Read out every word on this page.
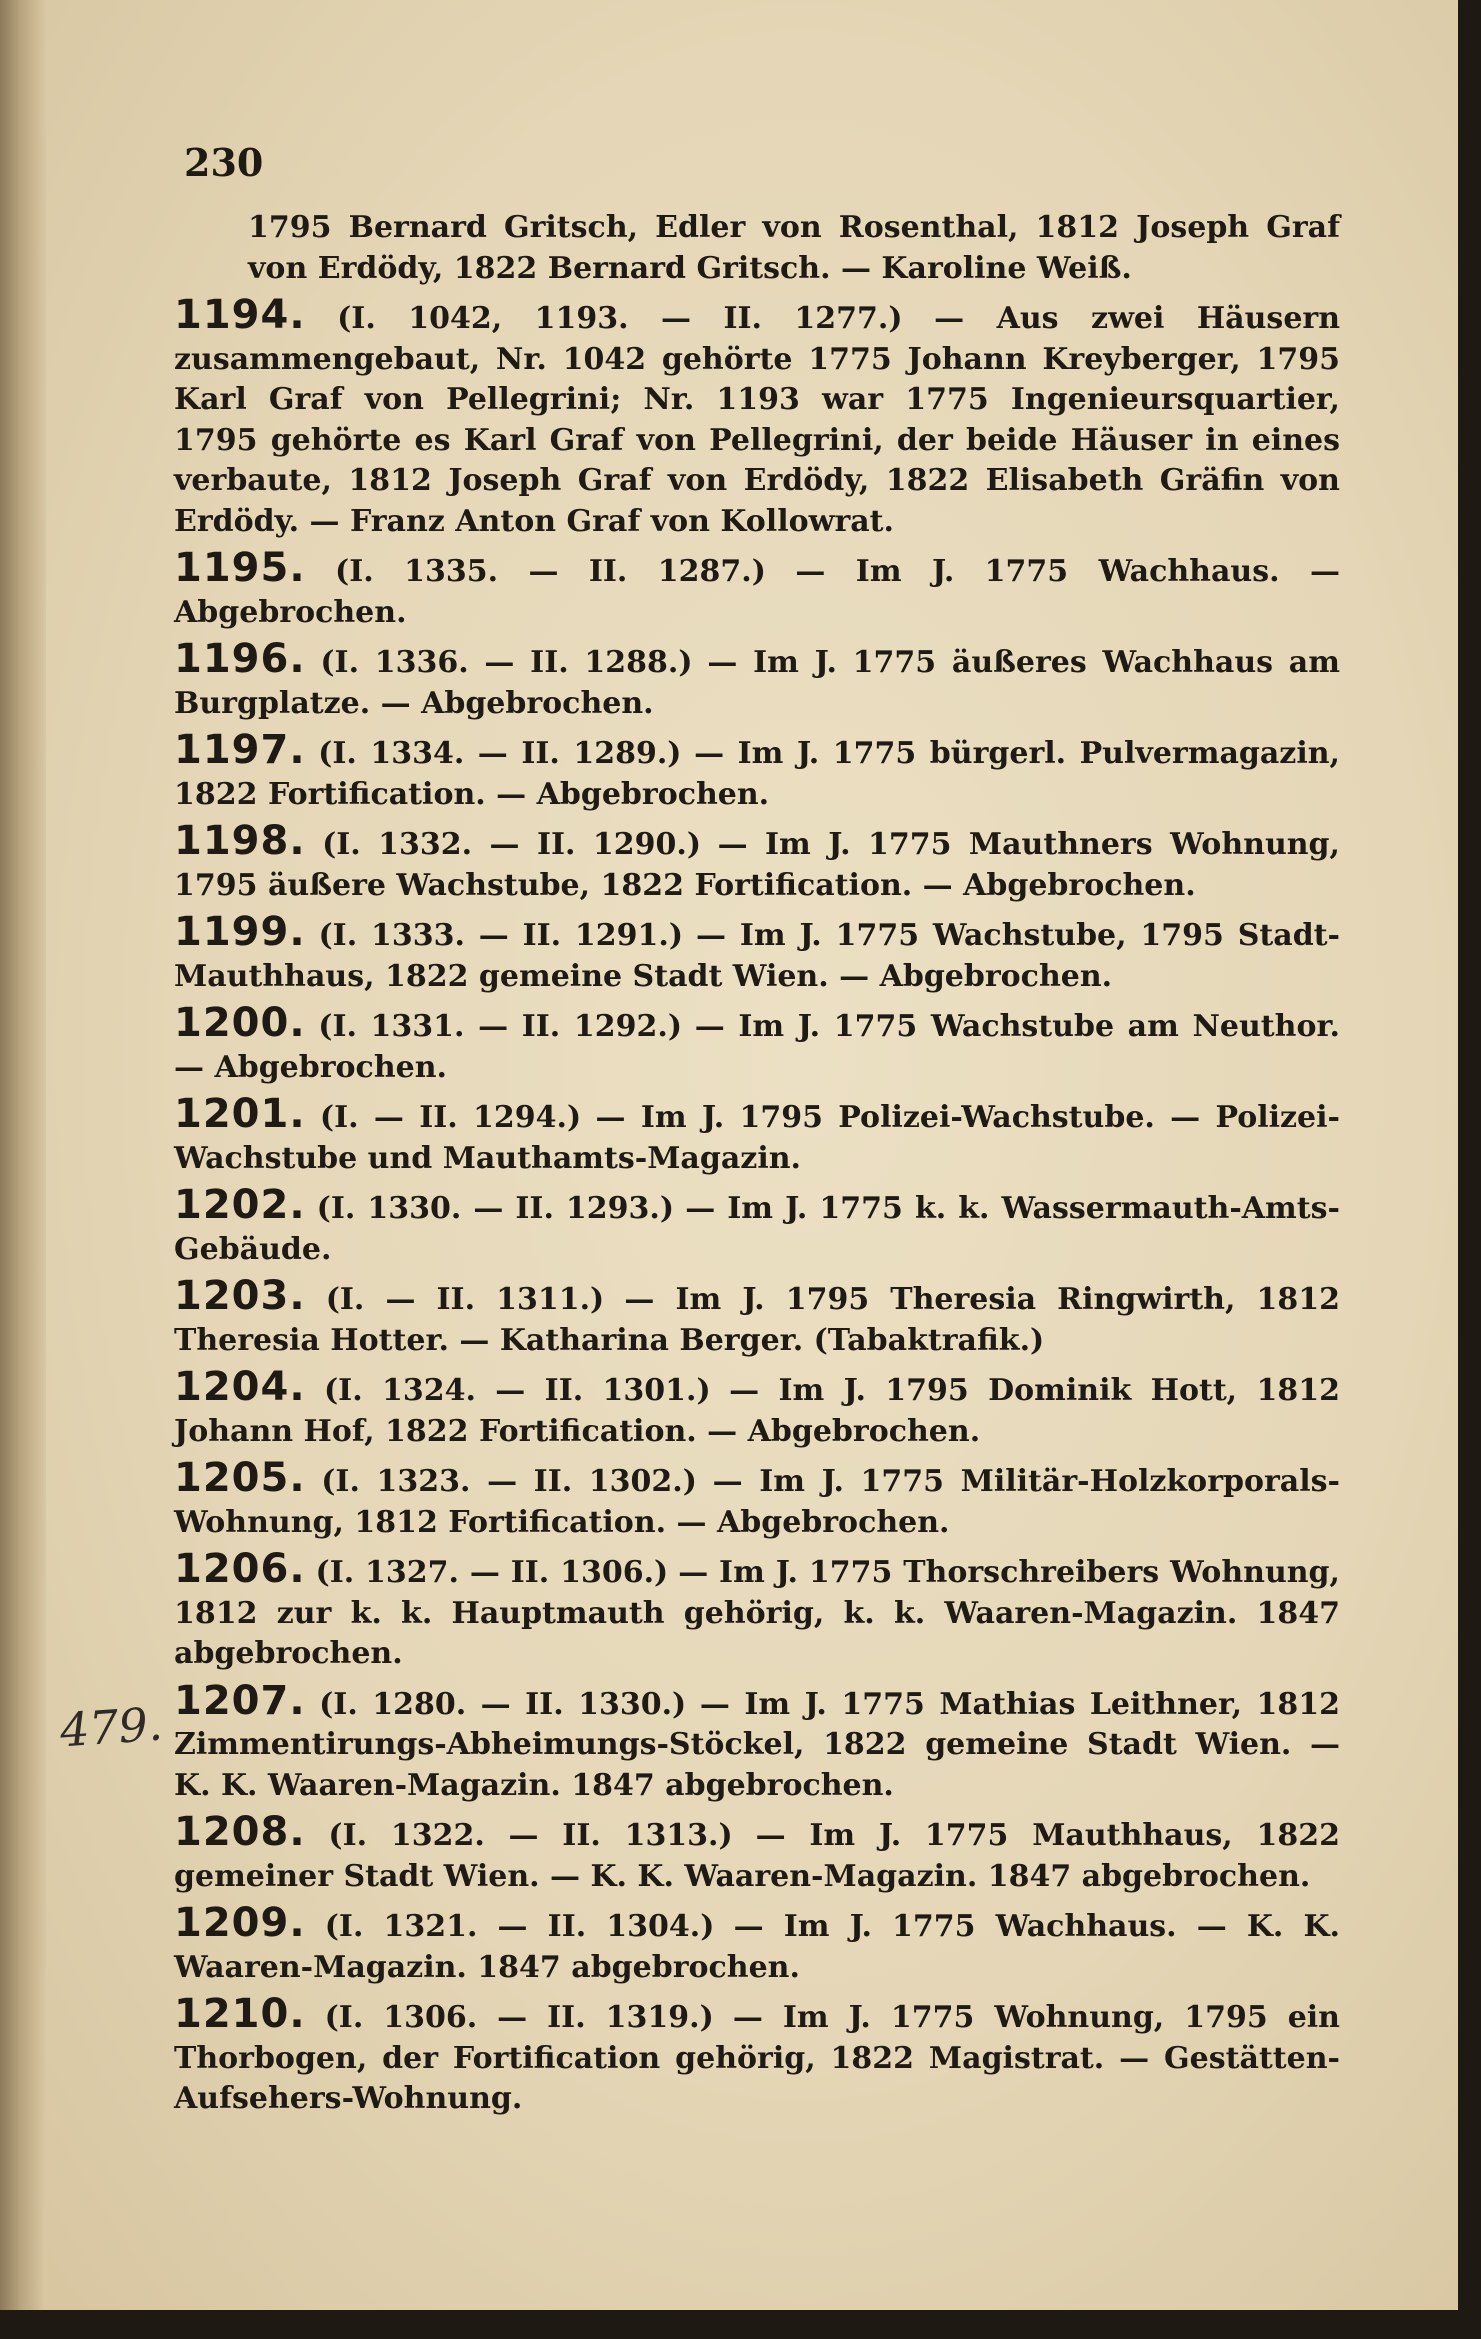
230

1795 Bernard Gritsch, Edler von Rosenthal, 1812 Joseph Graf von Erdödy, 1822 Bernard Gritsch. — Karoline Weiß.

1194. (I. 1042, 1193. — II. 1277.) — Aus zwei Häusern zusammengebaut, Nr. 1042 gehörte 1775 Johann Kreyberger, 1795 Karl Graf von Pellegrini; Nr. 1193 war 1775 Ingenieursquartier, 1795 gehörte es Karl Graf von Pellegrini, der beide Häuser in eines verbaute, 1812 Joseph Graf von Erdödy, 1822 Elisabeth Gräfin von Erdödy. — Franz Anton Graf von Kollowrat.

1195. (I. 1335. — II. 1287.) — Im J. 1775 Wachhaus. — Abgebrochen.

1196. (I. 1336. — II. 1288.) — Im J. 1775 äußeres Wachhaus am Burgplatze. — Abgebrochen.

1197. (I. 1334. — II. 1289.) — Im J. 1775 bürgerl. Pulvermagazin, 1822 Fortification. — Abgebrochen.

1198. (I. 1332. — II. 1290.) — Im J. 1775 Mauthners Wohnung, 1795 äußere Wachstube, 1822 Fortification. — Abgebrochen.

1199. (I. 1333. — II. 1291.) — Im J. 1775 Wachstube, 1795 Stadt-Mauthhaus, 1822 gemeine Stadt Wien. — Abgebrochen.

1200. (I. 1331. — II. 1292.) — Im J. 1775 Wachstube am Neuthor. — Abgebrochen.

1201. (I. — II. 1294.) — Im J. 1795 Polizei-Wachstube. — Polizei-Wachstube und Mauthamts-Magazin.

1202. (I. 1330. — II. 1293.) — Im J. 1775 k. k. Wassermauth-Amts-Gebäude.

1203. (I. — II. 1311.) — Im J. 1795 Theresia Ringwirth, 1812 Theresia Hotter. — Katharina Berger. (Tabaktrafik.)

1204. (I. 1324. — II. 1301.) — Im J. 1795 Dominik Hott, 1812 Johann Hof, 1822 Fortification. — Abgebrochen.

1205. (I. 1323. — II. 1302.) — Im J. 1775 Militär-Holzkorporals-Wohnung, 1812 Fortification. — Abgebrochen.

1206. (I. 1327. — II. 1306.) — Im J. 1775 Thorschreibers Wohnung, 1812 zur k. k. Hauptmauth gehörig, k. k. Waaren-Magazin. 1847 abgebrochen.

1207. (I. 1280. — II. 1330.) — Im J. 1775 Mathias Leithner, 1812 Zimmentirungs-Abheimungs-Stöckel, 1822 gemeine Stadt Wien. — K. K. Waaren-Magazin. 1847 abgebrochen.

1208. (I. 1322. — II. 1313.) — Im J. 1775 Mauthhaus, 1822 gemeiner Stadt Wien. — K. K. Waaren-Magazin. 1847 abgebrochen.

1209. (I. 1321. — II. 1304.) — Im J. 1775 Wachhaus. — K. K. Waaren-Magazin. 1847 abgebrochen.

1210. (I. 1306. — II. 1319.) — Im J. 1775 Wohnung, 1795 ein Thorbogen, der Fortification gehörig, 1822 Magistrat. — Gestätten-Aufsehers-Wohnung.

479.
